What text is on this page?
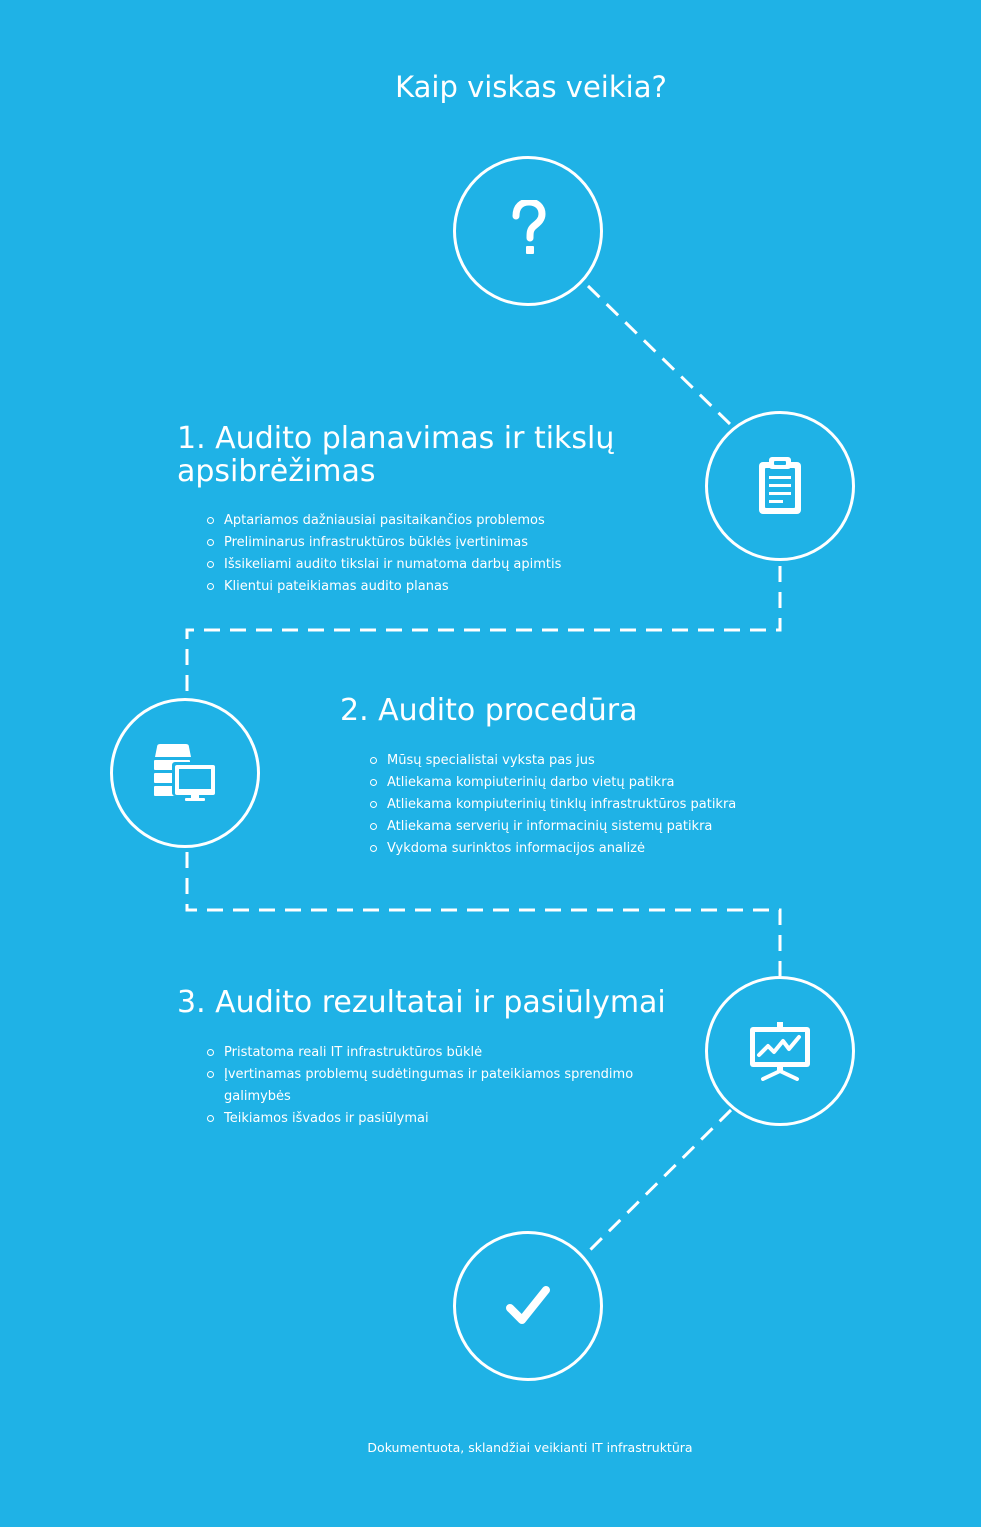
Kaip viskas veikia?
1. Audito planavimas ir tikslų apsibrėžimas
Aptariamos dažniausiai pasitaikančios problemos
Preliminarus infrastruktūros būklės įvertinimas
Išsikeliami audito tikslai ir numatoma darbų apimtis
Klientui pateikiamas audito planas
2. Audito procedūra
Mūsų specialistai vyksta pas jus
Atliekama kompiuterinių darbo vietų patikra
Atliekama kompiuterinių tinklų infrastruktūros patikra
Atliekama serverių ir informacinių sistemų patikra
Vykdoma surinktos informacijos analizė
3. Audito rezultatai ir pasiūlymai
Pristatoma reali IT infrastruktūros būklė
Įvertinamas problemų sudėtingumas ir pateikiamos sprendimo galimybės
Teikiamos išvados ir pasiūlymai
Dokumentuota, sklandžiai veikianti IT infrastruktūra
